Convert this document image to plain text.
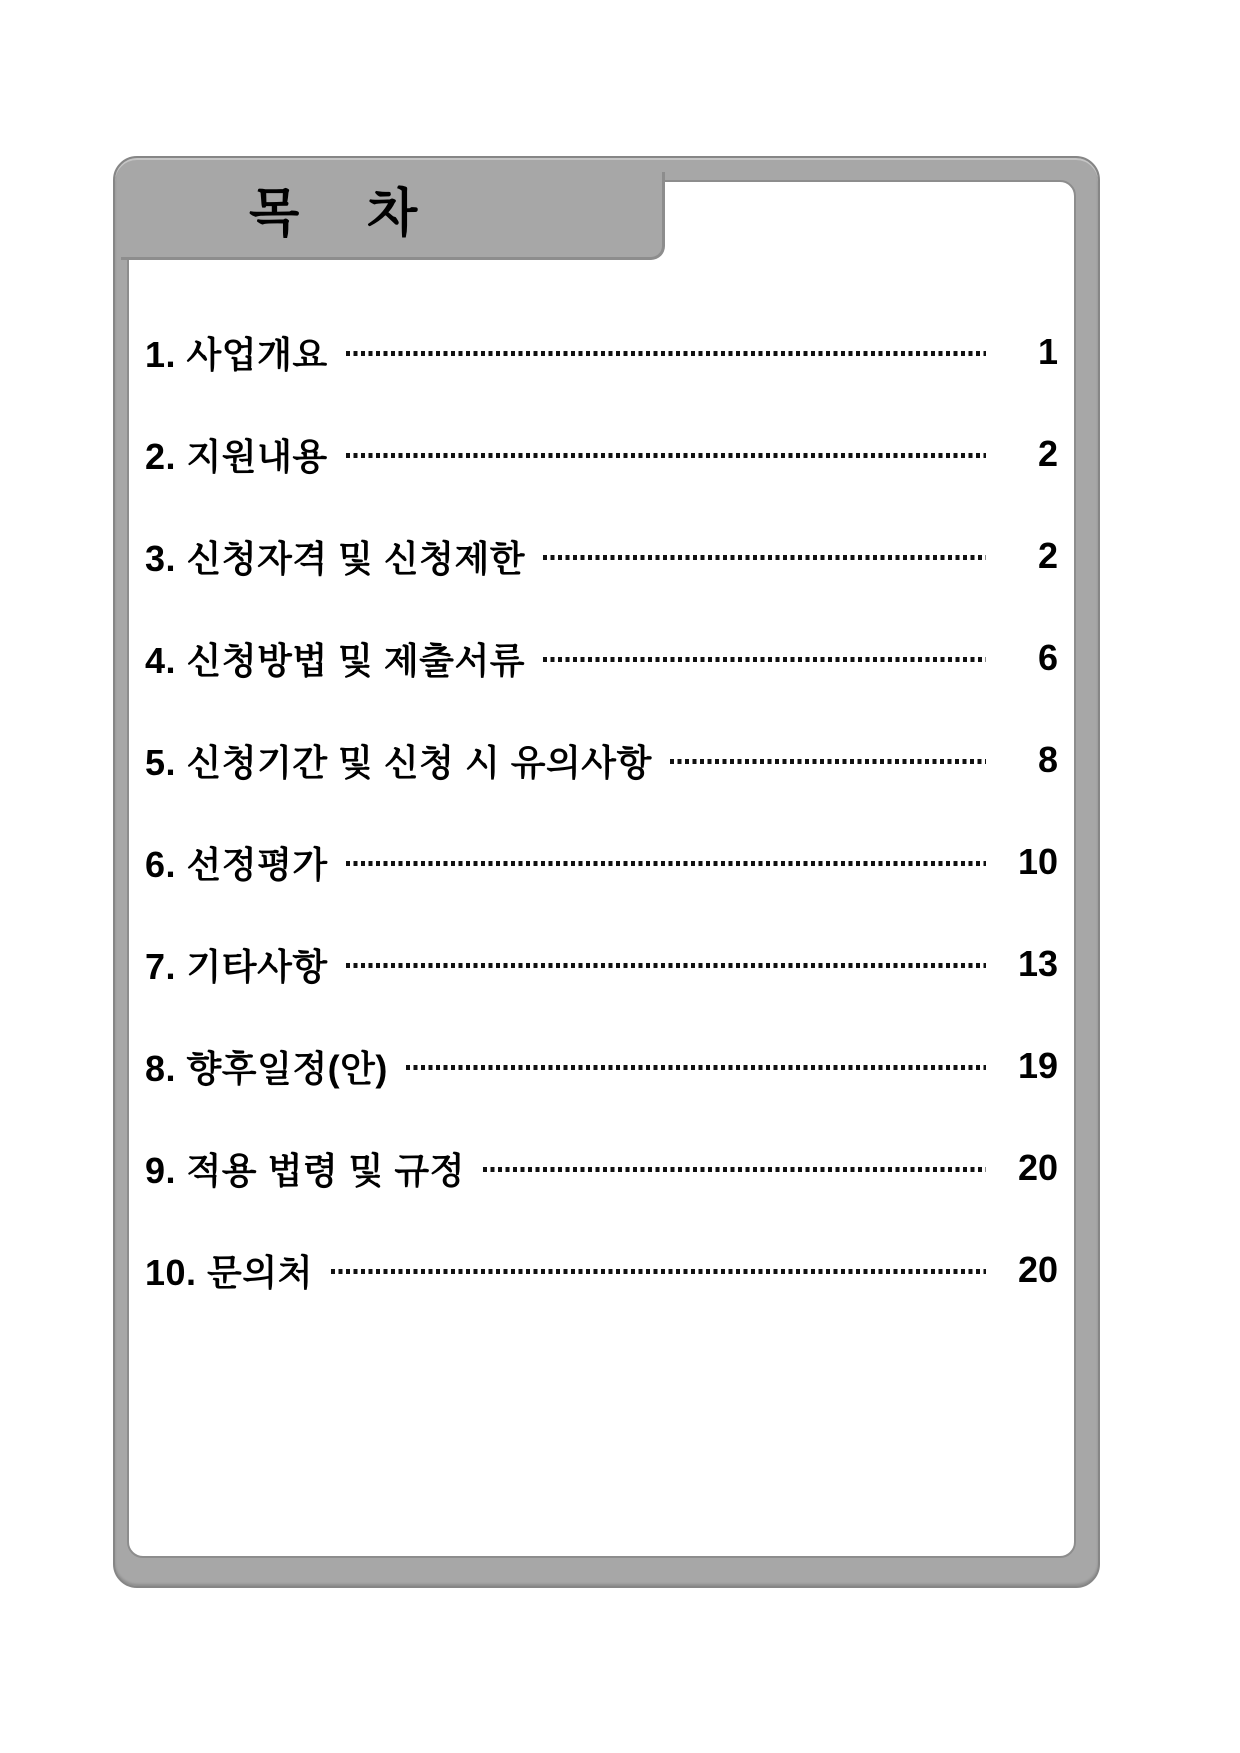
목    차
1. 사업개요	1
2. 지원내용	2
3. 신청자격 및 신청제한	2
4. 신청방법 및 제출서류	6
5. 신청기간 및 신청 시 유의사항	8
6. 선정평가	10
7. 기타사항	13
8. 향후일정(안)	19
9. 적용 법령 및 규정	20
10. 문의처	20
